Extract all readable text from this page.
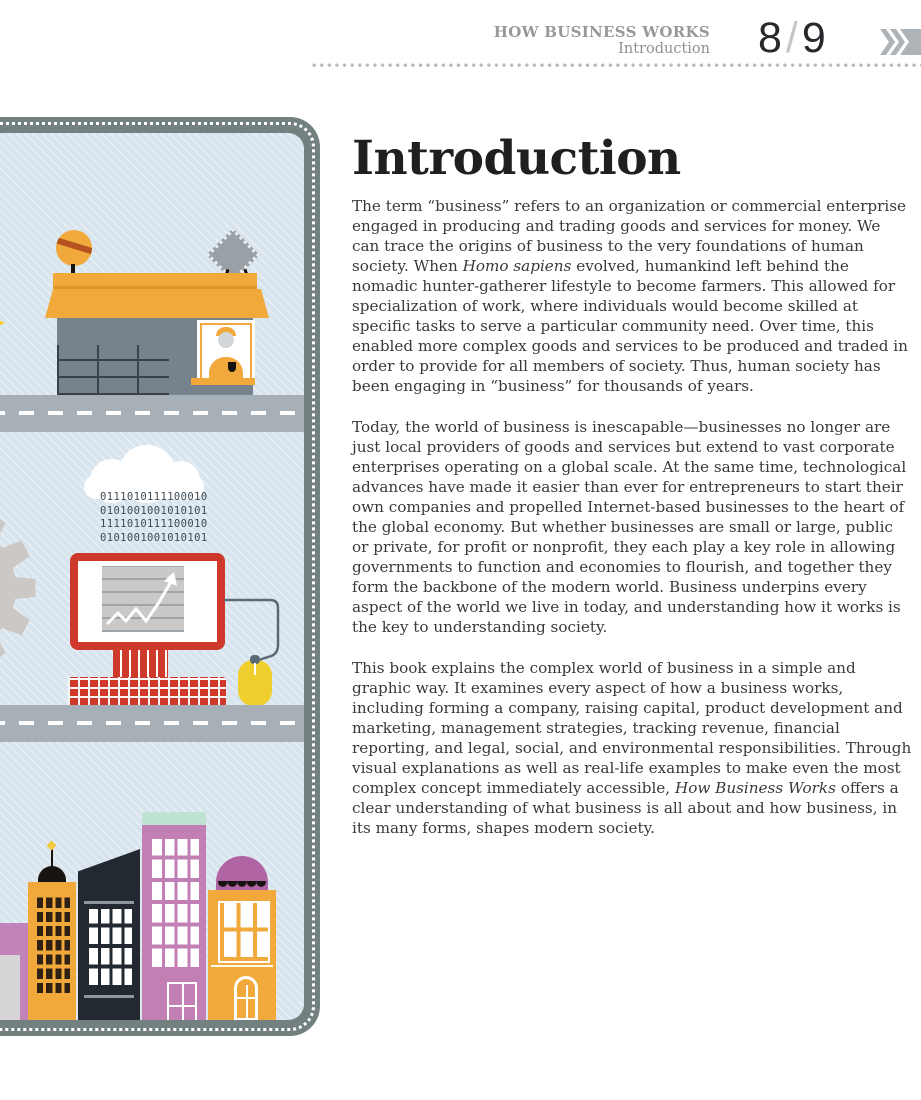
HOW BUSINESS WORKS
Introduction 8/9
0111010111100010
0101001001010101
1111010111100010
0101001001010101
Introduction

The term “business” refers to an organization or commercial enterprise engaged in producing and trading goods and services for money. We can trace the origins of business to the very foundations of human society. When Homo sapiens evolved, humankind left behind the nomadic hunter-gatherer lifestyle to become farmers. This allowed for specialization of work, where individuals would become skilled at specific tasks to serve a particular community need. Over time, this enabled more complex goods and services to be produced and traded in order to provide for all members of society. Thus, human society has been engaging in “business” for thousands of years.

Today, the world of business is inescapable—businesses no longer are just local providers of goods and services but extend to vast corporate enterprises operating on a global scale. At the same time, technological advances have made it easier than ever for entrepreneurs to start their own companies and propelled Internet-based businesses to the heart of the global economy. But whether businesses are small or large, public or private, for profit or nonprofit, they each play a key role in allowing governments to function and economies to flourish, and together they form the backbone of the modern world. Business underpins every aspect of the world we live in today, and understanding how it works is the key to understanding society.

This book explains the complex world of business in a simple and graphic way. It examines every aspect of how a business works, including forming a company, raising capital, product development and marketing, management strategies, tracking revenue, financial reporting, and legal, social, and environmental responsibilities. Through visual explanations as well as real-life examples to make even the most complex concept immediately accessible, How Business Works offers a clear understanding of what business is all about and how business, in its many forms, shapes modern society.
